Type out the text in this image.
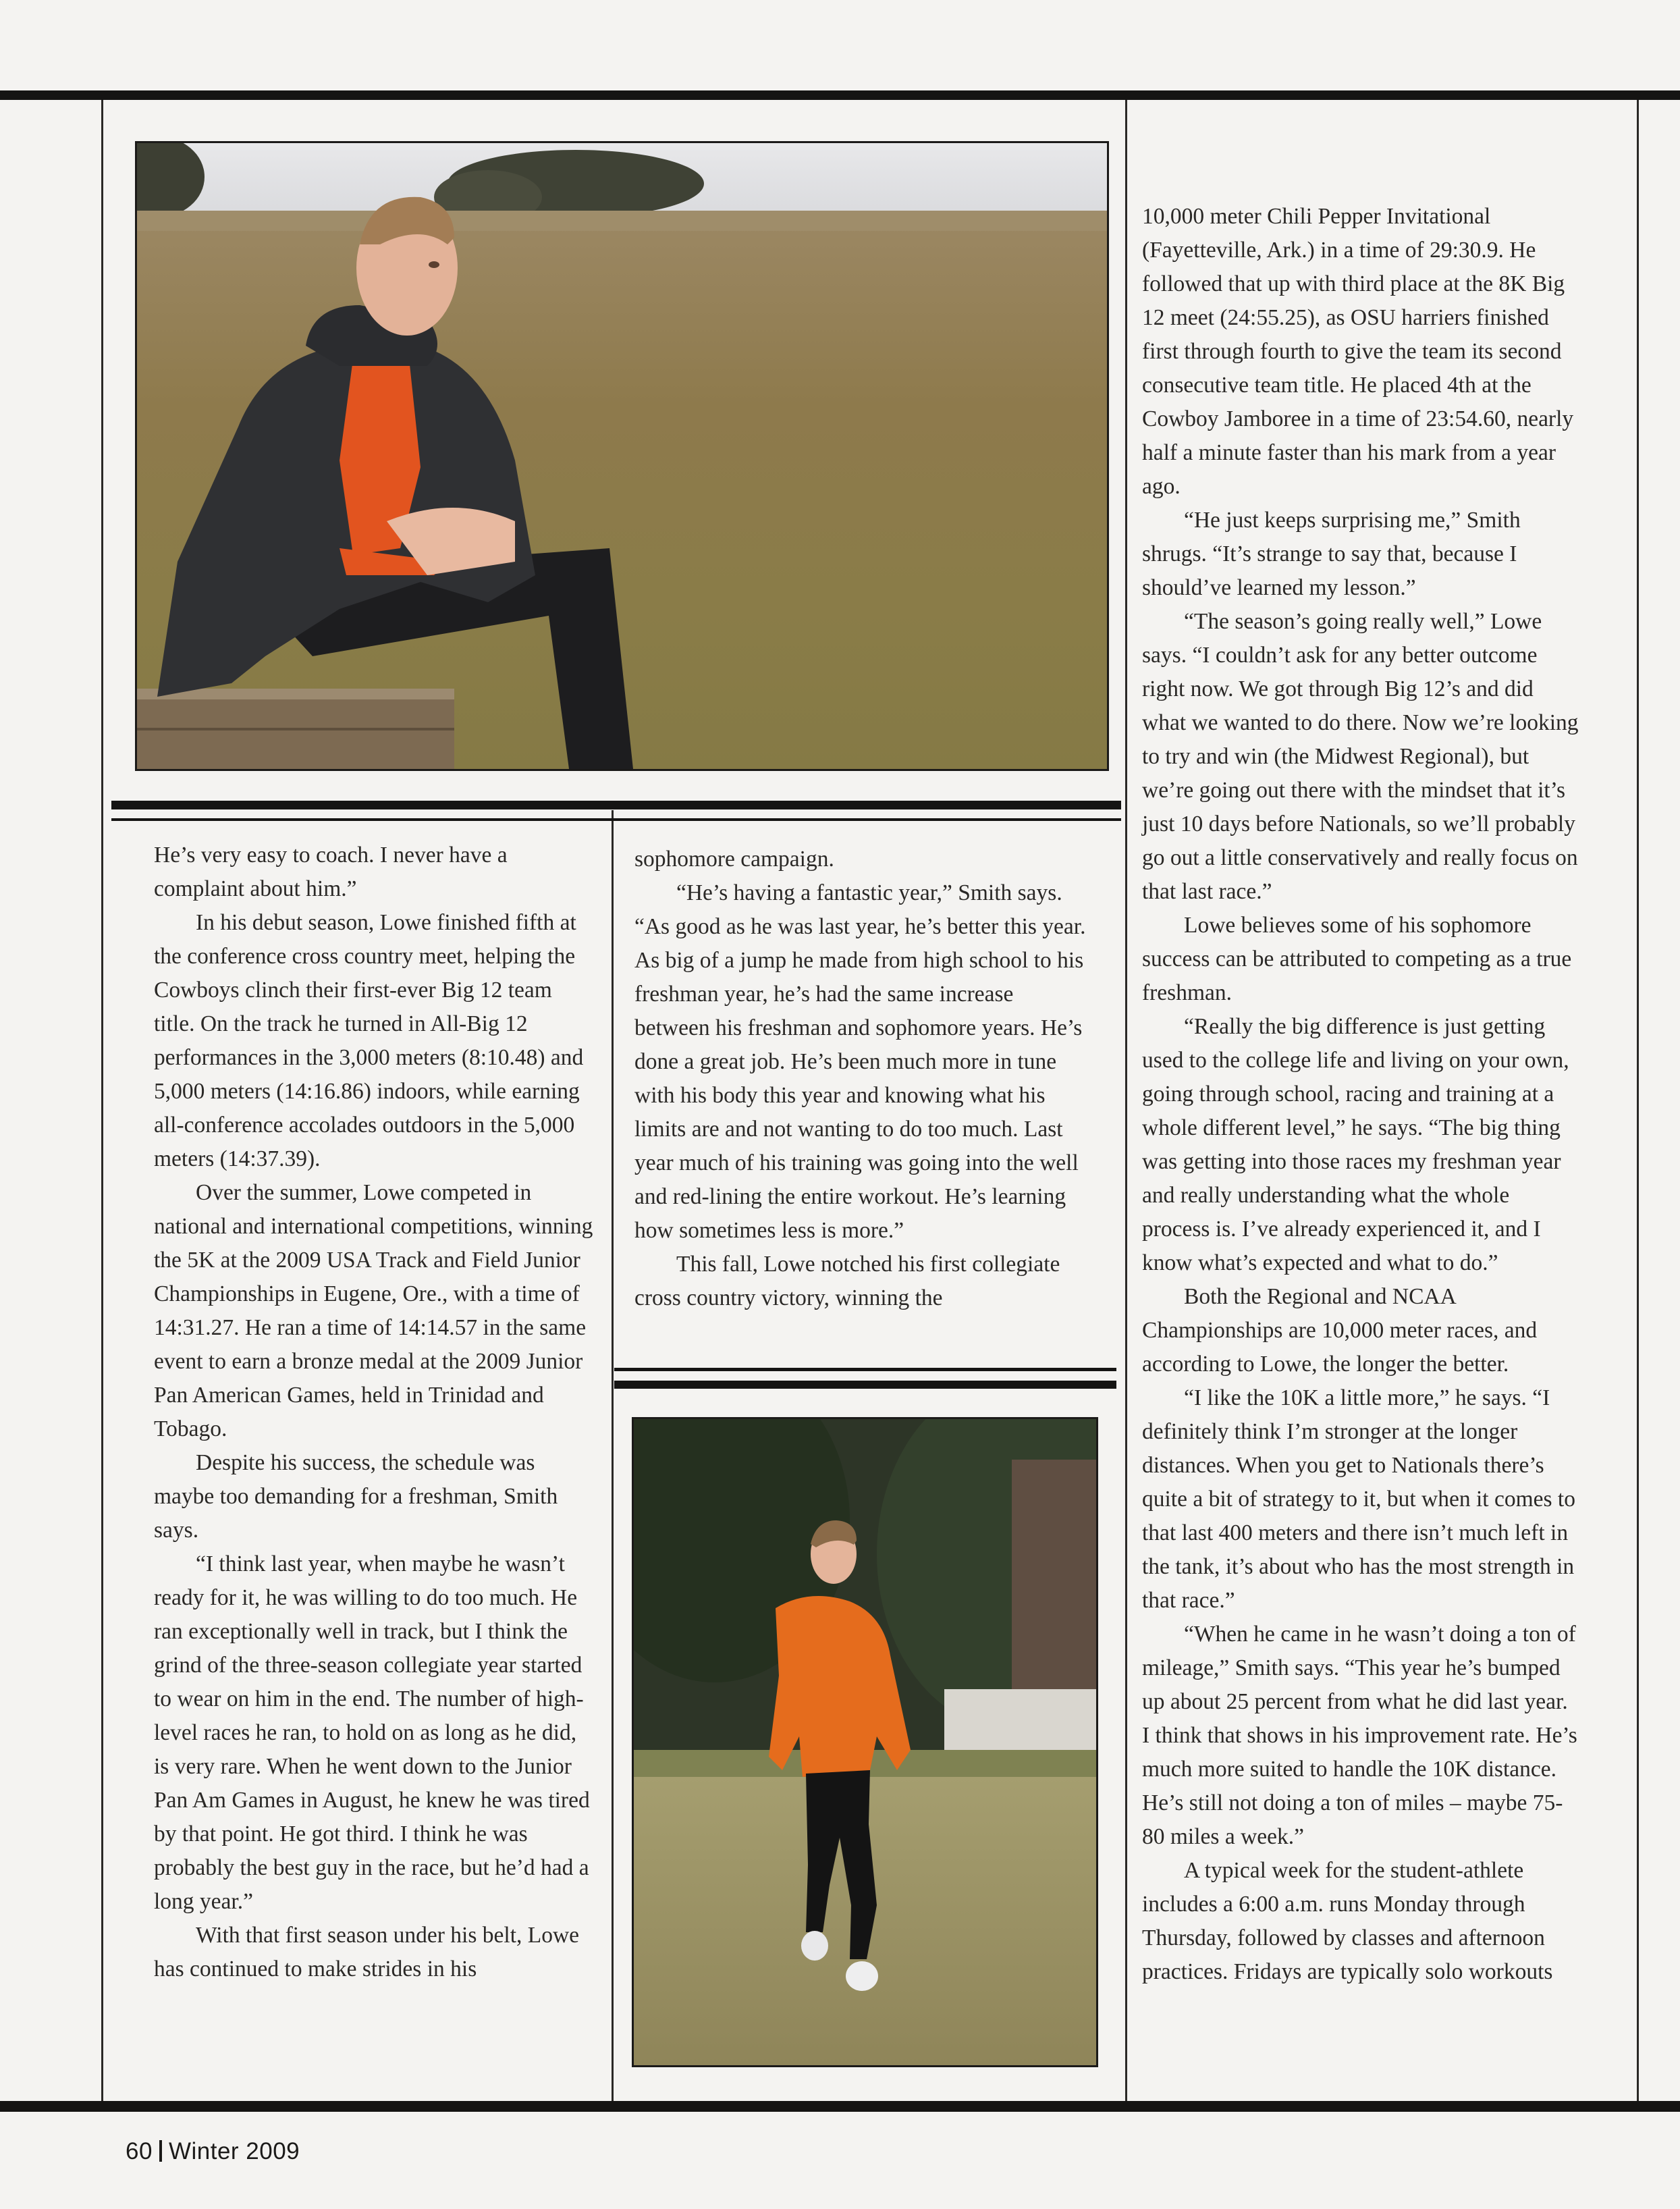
He’s very easy to coach. I never have a complaint about him.”

In his debut season, Lowe finished fifth at the conference cross country meet, helping the Cowboys clinch their first-ever Big 12 team title. On the track he turned in All-Big 12 performances in the 3,000 meters (8:10.48) and 5,000 meters (14:16.86) indoors, while earning all-conference accolades outdoors in the 5,000 meters (14:37.39).

Over the summer, Lowe competed in national and international competitions, winning the 5K at the 2009 USA Track and Field Junior Championships in Eugene, Ore., with a time of 14:31.27. He ran a time of 14:14.57 in the same event to earn a bronze medal at the 2009 Junior Pan American Games, held in Trinidad and Tobago.

Despite his success, the schedule was maybe too demanding for a freshman, Smith says.

“I think last year, when maybe he wasn’t ready for it, he was willing to do too much. He ran exceptionally well in track, but I think the grind of the three-season collegiate year started to wear on him in the end. The number of high-level races he ran, to hold on as long as he did, is very rare. When he went down to the Junior Pan Am Games in August, he knew he was tired by that point. He got third. I think he was probably the best guy in the race, but he’d had a long year.”

With that first season under his belt, Lowe has continued to make strides in his

sophomore campaign.

“He’s having a fantastic year,” Smith says. “As good as he was last year, he’s better this year. As big of a jump he made from high school to his freshman year, he’s had the same increase between his freshman and sophomore years. He’s done a great job. He’s been much more in tune with his body this year and knowing what his limits are and not wanting to do too much. Last year much of his training was going into the well and red-lining the entire workout. He’s learning how sometimes less is more.”

This fall, Lowe notched his first collegiate cross country victory, winning the

10,000 meter Chili Pepper Invitational (Fayetteville, Ark.) in a time of 29:30.9. He followed that up with third place at the 8K Big 12 meet (24:55.25), as OSU harriers finished first through fourth to give the team its second consecutive team title. He placed 4th at the Cowboy Jamboree in a time of 23:54.60, nearly half a minute faster than his mark from a year ago.

“He just keeps surprising me,” Smith shrugs. “It’s strange to say that, because I should’ve learned my lesson.”

“The season’s going really well,” Lowe says. “I couldn’t ask for any better outcome right now. We got through Big 12’s and did what we wanted to do there. Now we’re looking to try and win (the Midwest Regional), but we’re going out there with the mindset that it’s just 10 days before Nationals, so we’ll probably go out a little conservatively and really focus on that last race.”

Lowe believes some of his sophomore success can be attributed to competing as a true freshman.

“Really the big difference is just getting used to the college life and living on your own, going through school, racing and training at a whole different level,” he says. “The big thing was getting into those races my freshman year and really understanding what the whole process is. I’ve already experienced it, and I know what’s expected and what to do.”

Both the Regional and NCAA Championships are 10,000 meter races, and according to Lowe, the longer the better.

“I like the 10K a little more,” he says. “I definitely think I’m stronger at the longer distances. When you get to Nationals there’s quite a bit of strategy to it, but when it comes to that last 400 meters and there isn’t much left in the tank, it’s about who has the most strength in that race.”

“When he came in he wasn’t doing a ton of mileage,” Smith says. “This year he’s bumped up about 25 percent from what he did last year. I think that shows in his improvement rate. He’s much more suited to handle the 10K distance. He’s still not doing a ton of miles – maybe 75-80 miles a week.”

A typical week for the student-athlete includes a 6:00 a.m. runs Monday through Thursday, followed by classes and afternoon practices. Fridays are typically solo workouts

60 Winter 2009
